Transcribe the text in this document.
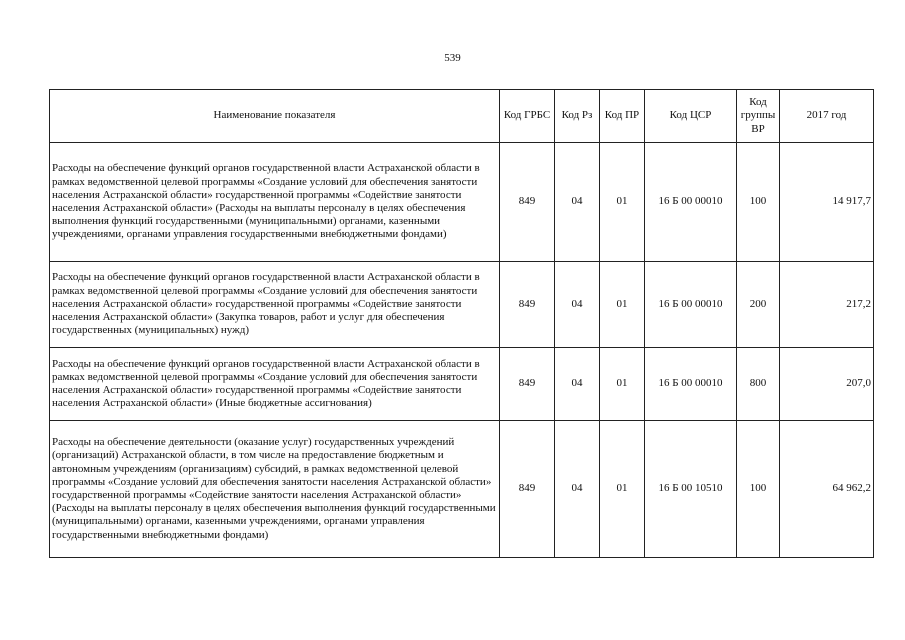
539
Наименование показателя	Код ГРБС	Код Рз	Код ПР	Код ЦСР	Код группы ВР	2017 год
Расходы на обеспечение функций органов государственной власти Астраханской области в рамках ведомственной целевой программы «Создание условий для обеспечения занятости населения Астраханской области» государственной программы «Содействие занятости населения Астраханской области» (Расходы на выплаты персоналу в целях обеспечения выполнения функций государственными (муниципальными) органами, казенными учреждениями, органами управления государственными внебюджетными фондами)	849	04	01	16 Б 00 00010	100	14 917,7
Расходы на обеспечение функций органов государственной власти Астраханской области в рамках ведомственной целевой программы «Создание условий для обеспечения занятости населения Астраханской области» государственной программы «Содействие занятости населения Астраханской области» (Закупка товаров, работ и услуг для обеспечения государственных (муниципальных) нужд)	849	04	01	16 Б 00 00010	200	217,2
Расходы на обеспечение функций органов государственной власти Астраханской области в рамках ведомственной целевой программы «Создание условий для обеспечения занятости населения Астраханской области» государственной программы «Содействие занятости населения Астраханской области» (Иные бюджетные ассигнования)	849	04	01	16 Б 00 00010	800	207,0
Расходы на обеспечение деятельности (оказание услуг) государственных учреждений (организаций) Астраханской области, в том числе на предоставление бюджетным и автономным учреждениям (организациям) субсидий, в рамках ведомственной целевой программы «Создание условий для обеспечения занятости населения Астраханской области» государственной программы «Содействие занятости населения Астраханской области» (Расходы на выплаты персоналу в целях обеспечения выполнения функций государственными (муниципальными) органами, казенными учреждениями, органами управления государственными внебюджетными фондами)	849	04	01	16 Б 00 10510	100	64 962,2
